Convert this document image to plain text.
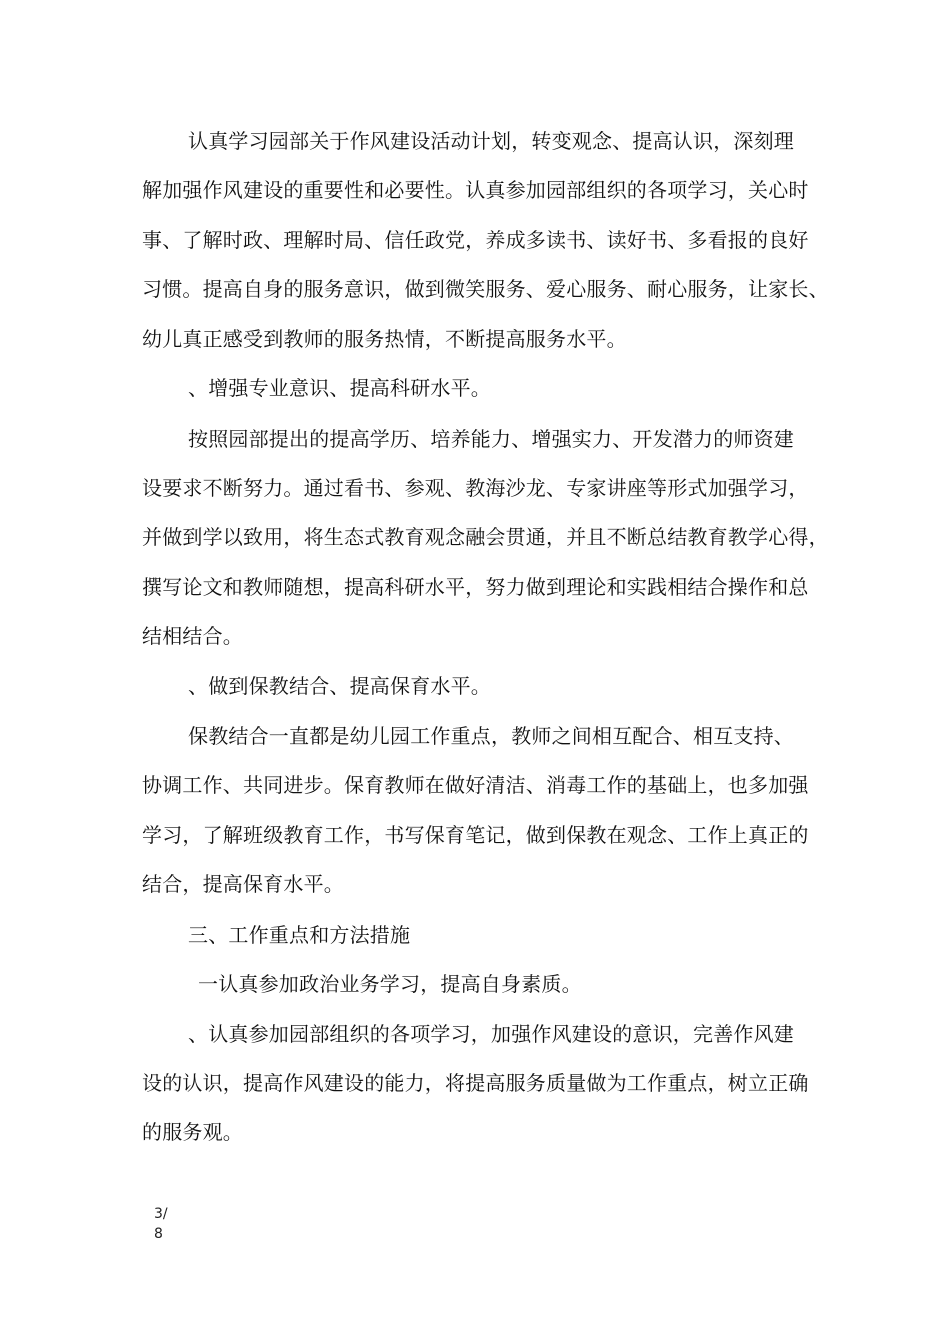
认真学习园部关于作风建设活动计划，转变观念、提高认识，深刻理
解加强作风建设的重要性和必要性。认真参加园部组织的各项学习，关心时
事、了解时政、理解时局、信任政党，养成多读书、读好书、多看报的良好
习惯。提高自身的服务意识，做到微笑服务、爱心服务、耐心服务，让家长、
幼儿真正感受到教师的服务热情，不断提高服务水平。
、增强专业意识、提高科研水平。
按照园部提出的提高学历、培养能力、增强实力、开发潜力的师资建
设要求不断努力。通过看书、参观、教海沙龙、专家讲座等形式加强学习，
并做到学以致用，将生态式教育观念融会贯通，并且不断总结教育教学心得，
撰写论文和教师随想，提高科研水平，努力做到理论和实践相结合操作和总
结相结合。
、做到保教结合、提高保育水平。
保教结合一直都是幼儿园工作重点，教师之间相互配合、相互支持、
协调工作、共同进步。保育教师在做好清洁、消毒工作的基础上，也多加强
学习，了解班级教育工作，书写保育笔记，做到保教在观念、工作上真正的
结合，提高保育水平。
三、工作重点和方法措施
一认真参加政治业务学习，提高自身素质。
、认真参加园部组织的各项学习，加强作风建设的意识，完善作风建
设的认识，提高作风建设的能力，将提高服务质量做为工作重点，树立正确
的服务观。
3/
8
